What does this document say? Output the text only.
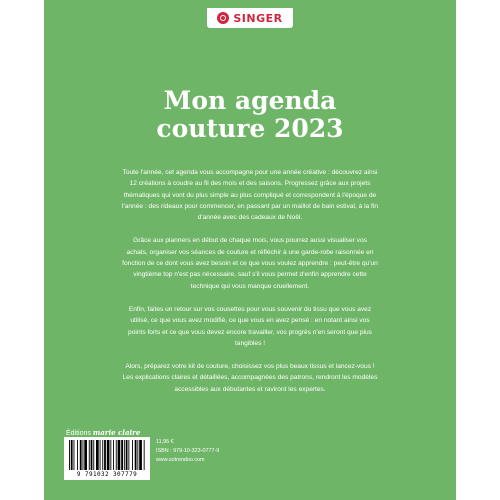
SINGER
Mon agenda
couture 2023

Toute l'année, cet agenda vous accompagne pour une année créative : découvrez ainsi 12 créations à coudre au fil des mois et des saisons. Progressez grâce aux projets thématiques qui vont du plus simple au plus compliqué et correspondent à l'époque de l'année : des rideaux pour commencer, en passant par un maillot de bain estival, à la fin d'année avec des cadeaux de Noël.

Grâce aux planners en début de chaque mois, vous pourrez aussi visualiser vos achats, organiser vos séances de couture et réfléchir à une garde-robe raisonnée en fonction de ce dont vous avez besoin et ce que vous voulez apprendre : peut-être qu'un vingtième top n'est pas nécessaire, sauf s'il vous permet d'enfin apprendre cette technique qui vous manque cruellement.

Enfin, faites un retour sur vos cousettes pour vous souvenir du tissu que vous avez utilisé, ce que vous avez modifié, ce que vous en avez pensé : en notant ainsi vos points forts et ce que vous devez encore travailler, vos progrès n'en seront que plus tangibles !

Alors, préparez votre kit de couture, choisissez vos plus beaux tissus et lancez-vous ! Les explications claires et détaillées, accompagnées des patrons, rendront les modèles accessibles aux débutantes et raviront les expertes.

Éditions marie claire
9 791032 307779
11,95 €
ISBN : 979-10-323-0777-9
www.sotrendoo.com
